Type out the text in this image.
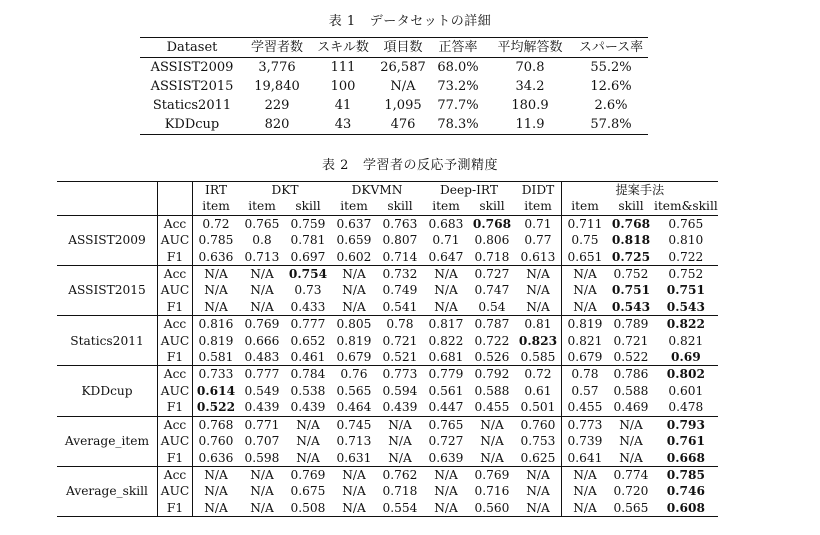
表 1 データセットの詳細
Dataset	学習者数	スキル数	項目数	正答率	平均解答数	スパース率
ASSIST2009	3,776	111	26,587	68.0%	70.8	55.2%
ASSIST2015	19,840	100	N/A	73.2%	34.2	12.6%
Statics2011	229	41	1,095	77.7%	180.9	2.6%
KDDcup	820	43	476	78.3%	11.9	57.8%
表 2 学習者の反応予測精度
		IRT	DKT		DKVMN		Deep-IRT		DIDT	提案手法		
		item	item	skill	item	skill	item	skill	item	item	skill	item&skill
ASSIST2009	Acc	0.72	0.765	0.759	0.637	0.763	0.683	0.768	0.71	0.711	0.768	0.765
	AUC	0.785	0.8	0.781	0.659	0.807	0.71	0.806	0.77	0.75	0.818	0.810
	F1	0.636	0.713	0.697	0.602	0.714	0.647	0.718	0.613	0.651	0.725	0.722
ASSIST2015	Acc	N/A	N/A	0.754	N/A	0.732	N/A	0.727	N/A	N/A	0.752	0.752
	AUC	N/A	N/A	0.73	N/A	0.749	N/A	0.747	N/A	N/A	0.751	0.751
	F1	N/A	N/A	0.433	N/A	0.541	N/A	0.54	N/A	N/A	0.543	0.543
Statics2011	Acc	0.816	0.769	0.777	0.805	0.78	0.817	0.787	0.81	0.819	0.789	0.822
	AUC	0.819	0.666	0.652	0.819	0.721	0.822	0.722	0.823	0.821	0.721	0.821
	F1	0.581	0.483	0.461	0.679	0.521	0.681	0.526	0.585	0.679	0.522	0.69
KDDcup	Acc	0.733	0.777	0.784	0.76	0.773	0.779	0.792	0.72	0.78	0.786	0.802
	AUC	0.614	0.549	0.538	0.565	0.594	0.561	0.588	0.61	0.57	0.588	0.601
	F1	0.522	0.439	0.439	0.464	0.439	0.447	0.455	0.501	0.455	0.469	0.478
Average_item	Acc	0.768	0.771	N/A	0.745	N/A	0.765	N/A	0.760	0.773	N/A	0.793
	AUC	0.760	0.707	N/A	0.713	N/A	0.727	N/A	0.753	0.739	N/A	0.761
	F1	0.636	0.598	N/A	0.631	N/A	0.639	N/A	0.625	0.641	N/A	0.668
Average_skill	Acc	N/A	N/A	0.769	N/A	0.762	N/A	0.769	N/A	N/A	0.774	0.785
	AUC	N/A	N/A	0.675	N/A	0.718	N/A	0.716	N/A	N/A	0.720	0.746
	F1	N/A	N/A	0.508	N/A	0.554	N/A	0.560	N/A	N/A	0.565	0.608
